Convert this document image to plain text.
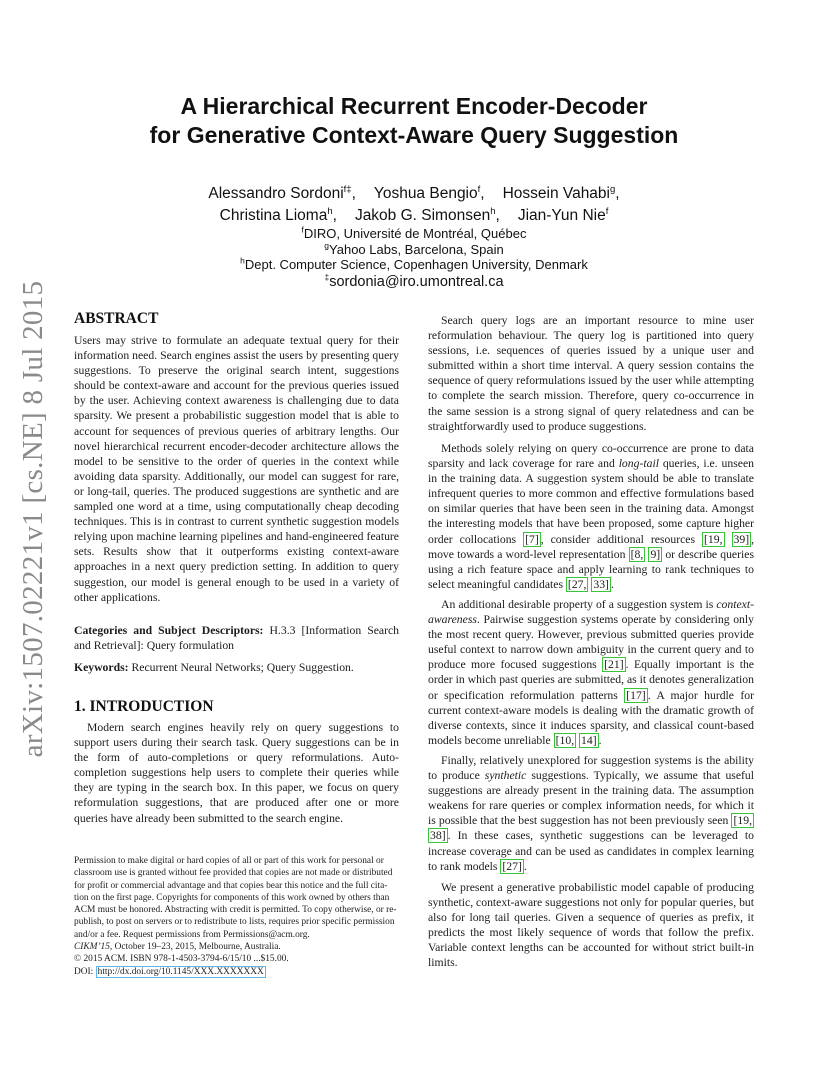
arXiv:1507.02221v1 [cs.NE] 8 Jul 2015
A Hierarchical Recurrent Encoder-Decoder
for Generative Context-Aware Query Suggestion
Alessandro Sordoni$^{f\ddagger}$, Yoshua Bengio$^f$, Hossein Vahabi$^g$,
Christina Lioma$^h$, Jakob G. Simonsen$^h$, Jian-Yun Nie$^f$
$^f$DIRO, Université de Montréal, Québec
$^g$Yahoo Labs, Barcelona, Spain
$^h$Dept. Computer Science, Copenhagen University, Denmark
‡sordonia@iro.umontreal.ca
ABSTRACT
Users may strive to formulate an adequate textual query for their information need. Search engines assist the users by presenting query suggestions. To preserve the original search intent, suggestions should be context-aware and account for the previous queries issued by the user. Achieving context awareness is challenging due to data sparsity. We present a probabilistic suggestion model that is able to account for sequences of previous queries of arbitrary lengths. Our novel hierarchical recurrent encoder-decoder architecture allows the model to be sensitive to the order of queries in the context while avoiding data sparsity. Additionally, our model can suggest for rare, or long-tail, queries. The produced suggestions are synthetic and are sampled one word at a time, using computationally cheap decoding techniques. This is in contrast to current synthetic suggestion models relying upon machine learning pipelines and hand-engineered feature sets. Results show that it outperforms existing context-aware approaches in a next query prediction setting. In addition to query suggestion, our model is general enough to be used in a variety of other applications.
Categories and Subject Descriptors: H.3.3 [Information Search and Retrieval]: Query formulation
Keywords: Recurrent Neural Networks; Query Suggestion.
1. INTRODUCTION
Modern search engines heavily rely on query suggestions to support users during their search task. Query suggestions can be in the form of auto-completions or query reformulations. Auto-completion suggestions help users to complete their queries while they are typing in the search box. In this paper, we focus on query reformulation suggestions, that are produced after one or more queries have already been submitted to the search engine.
Permission to make digital or hard copies of all or part of this work for personal or
classroom use is granted without fee provided that copies are not made or distributed
for profit or commercial advantage and that copies bear this notice and the full cita-
tion on the first page. Copyrights for components of this work owned by others than
ACM must be honored. Abstracting with credit is permitted. To copy otherwise, or re-
publish, to post on servers or to redistribute to lists, requires prior specific permission
and/or a fee. Request permissions from Permissions@acm.org.
CIKM’15, October 19–23, 2015, Melbourne, Australia.
© 2015 ACM. ISBN 978-1-4503-3794-6/15/10 ...$15.00.
DOI: http://dx.doi.org/10.1145/XXX.XXXXXXX
Search query logs are an important resource to mine user reformulation behaviour. The query log is partitioned into query sessions, i.e. sequences of queries issued by a unique user and submitted within a short time interval. A query session contains the sequence of query reformulations issued by the user while attempting to complete the search mission. Therefore, query co-occurrence in the same session is a strong signal of query relatedness and can be straightforwardly used to produce suggestions.
Methods solely relying on query co-occurrence are prone to data sparsity and lack coverage for rare and long-tail queries, i.e. unseen in the training data. A suggestion system should be able to translate infrequent queries to more common and effective formulations based on similar queries that have been seen in the training data. Amongst the interesting models that have been proposed, some capture higher order collocations [7] , consider additional resources [19, 39] , move towards a word-level representation [8, 9] or describe queries using a rich feature space and apply learning to rank techniques to select meaningful candidates [27, 33] .
An additional desirable property of a suggestion system is context-awareness. Pairwise suggestion systems operate by considering only the most recent query. However, previous submitted queries provide useful context to narrow down ambiguity in the current query and to produce more focused suggestions [21] . Equally important is the order in which past queries are submitted, as it denotes generalization or specification reformulation patterns [17] . A major hurdle for current context-aware models is dealing with the dramatic growth of diverse contexts, since it induces sparsity, and classical count-based models become unreliable [10, 14] .
Finally, relatively unexplored for suggestion systems is the ability to produce synthetic suggestions. Typically, we assume that useful suggestions are already present in the training data. The assumption weakens for rare queries or complex information needs, for which it is possible that the best suggestion has not been previously seen [19, 38] . In these cases, synthetic suggestions can be leveraged to increase coverage and can be used as candidates in complex learning to rank models [27] .
We present a generative probabilistic model capable of producing synthetic, context-aware suggestions not only for popular queries, but also for long tail queries. Given a sequence of queries as prefix, it predicts the most likely sequence of words that follow the prefix. Variable context lengths can be accounted for without strict built-in limits.
